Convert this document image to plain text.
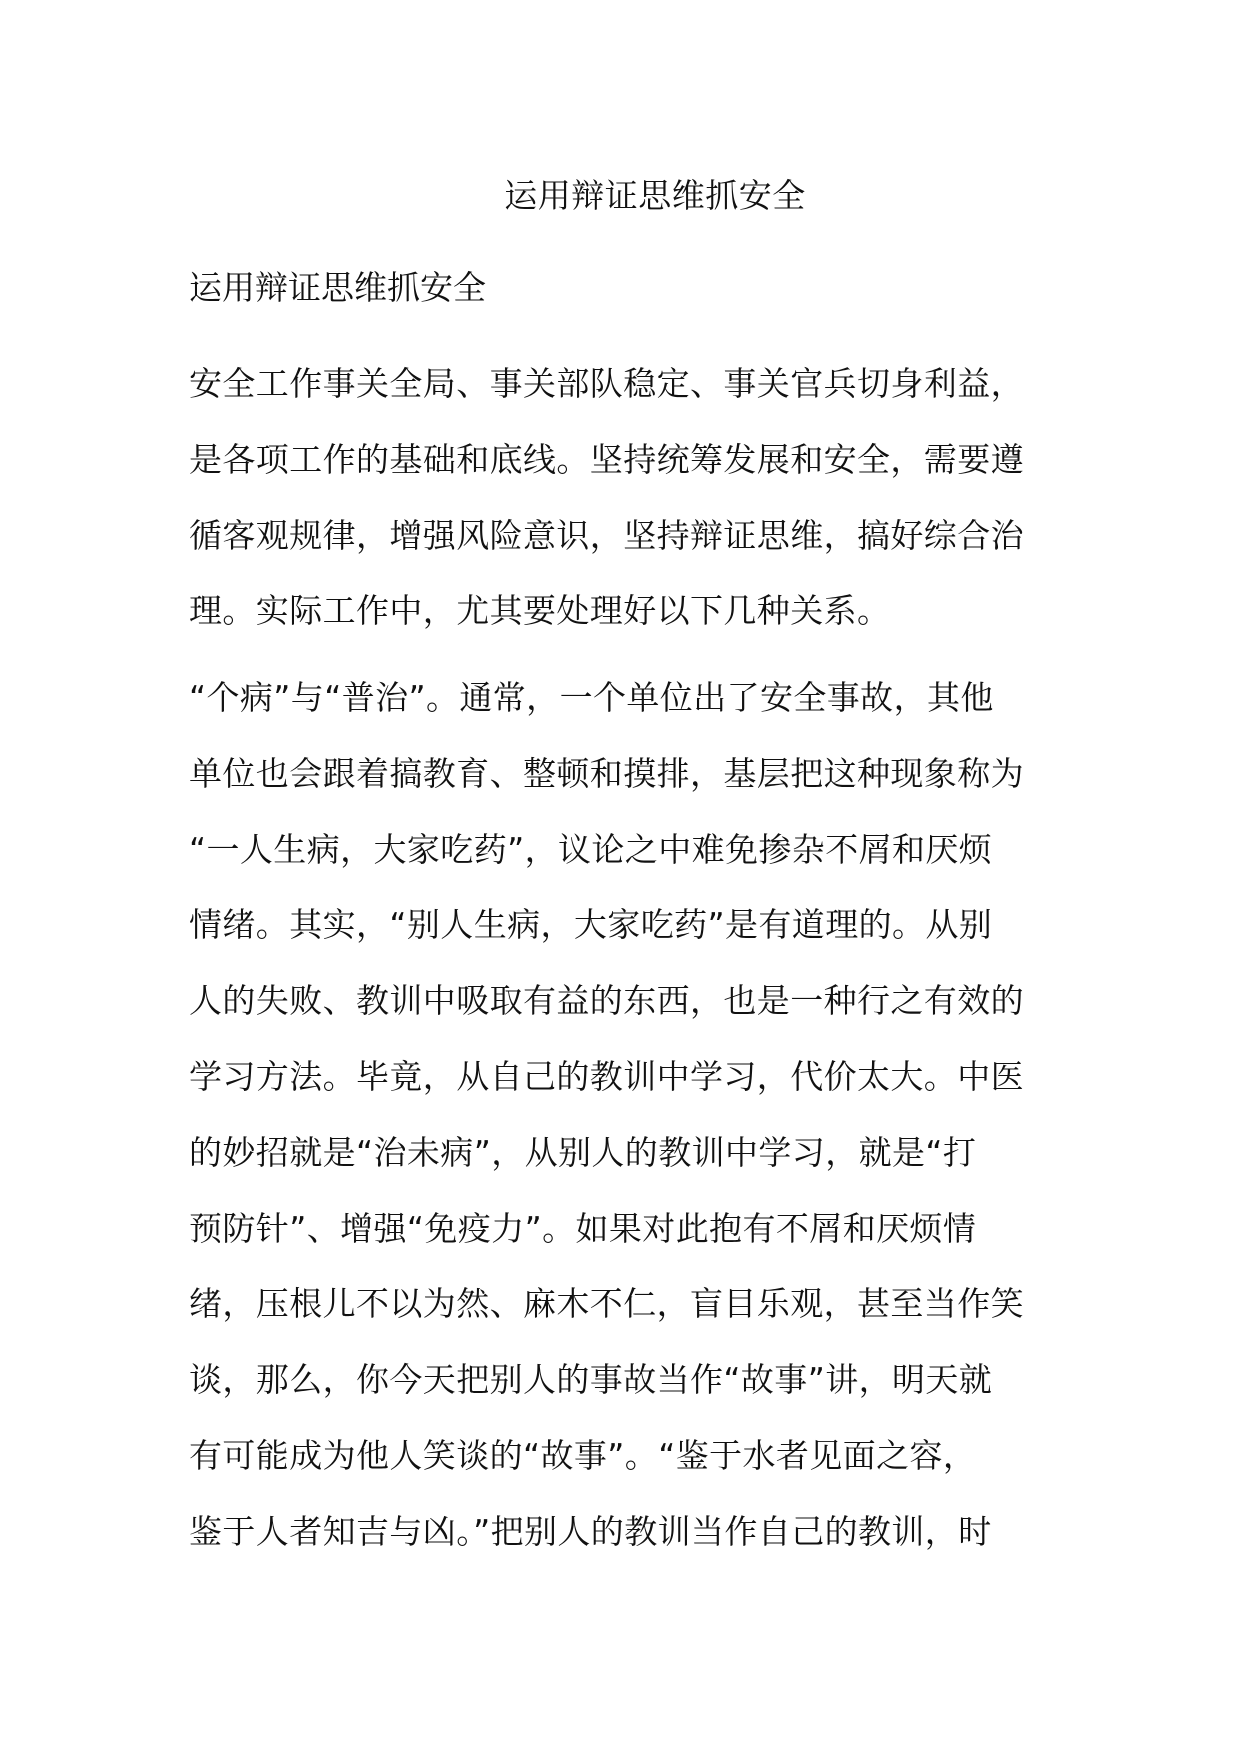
运用辩证思维抓安全
运用辩证思维抓安全
安全工作事关全局、事关部队稳定、事关官兵切身利益，
是各项工作的基础和底线。坚持统筹发展和安全，需要遵
循客观规律，增强风险意识，坚持辩证思维，搞好综合治
理。实际工作中，尤其要处理好以下几种关系。
“个病”与“普治”。通常，一个单位出了安全事故，其他
单位也会跟着搞教育、整顿和摸排，基层把这种现象称为
“一人生病，大家吃药”，议论之中难免掺杂不屑和厌烦
情绪。其实，“别人生病，大家吃药”是有道理的。从别
人的失败、教训中吸取有益的东西，也是一种行之有效的
学习方法。毕竟，从自己的教训中学习，代价太大。中医
的妙招就是“治未病”，从别人的教训中学习，就是“打
预防针”、增强“免疫力”。如果对此抱有不屑和厌烦情
绪，压根儿不以为然、麻木不仁，盲目乐观，甚至当作笑
谈，那么，你今天把别人的事故当作“故事”讲，明天就
有可能成为他人笑谈的“故事”。“鉴于水者见面之容，
鉴于人者知吉与凶。”把别人的教训当作自己的教训，时
